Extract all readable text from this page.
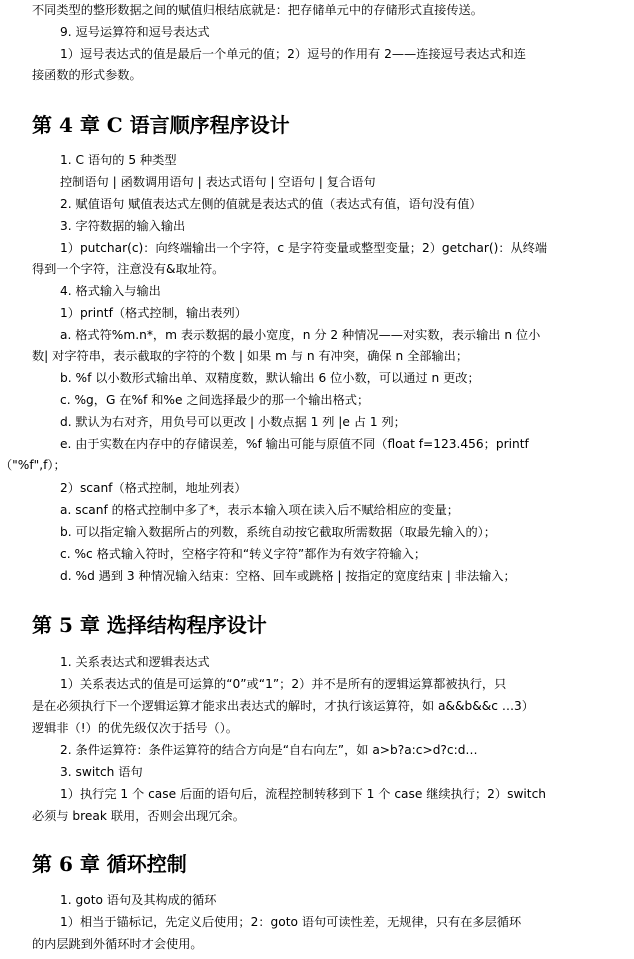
不同类型的整形数据之间的赋值归根结底就是：把存储单元中的存储形式直接传送。
9. 逗号运算符和逗号表达式
1）逗号表达式的值是最后一个单元的值；2）逗号的作用有 2——连接逗号表达式和连
接函数的形式参数。
第 4 章 C 语言顺序程序设计
1. C 语句的 5 种类型
控制语句 | 函数调用语句 | 表达式语句 | 空语句 | 复合语句
2. 赋值语句 赋值表达式左侧的值就是表达式的值（表达式有值，语句没有值）
3. 字符数据的输入输出
1）putchar(c)：向终端输出一个字符，c 是字符变量或整型变量；2）getchar()：从终端
得到一个字符，注意没有&取址符。
4. 格式输入与输出
1）printf（格式控制，输出表列）
a. 格式符%m.n*，m 表示数据的最小宽度，n 分 2 种情况——对实数，表示输出 n 位小
数| 对字符串，表示截取的字符的个数 | 如果 m 与 n 有冲突，确保 n 全部输出；
b. %f 以小数形式输出单、双精度数，默认输出 6 位小数，可以通过 n 更改；
c. %g，G 在%f 和%e 之间选择最少的那一个输出格式；
d. 默认为右对齐，用负号可以更改 | 小数点据 1 列 |e 占 1 列；
e. 由于实数在内存中的存储误差，%f 输出可能与原值不同（float f=123.456；printf
（"%f",f）；
2）scanf（格式控制，地址列表）
a. scanf 的格式控制中多了*，表示本输入项在读入后不赋给相应的变量；
b. 可以指定输入数据所占的列数，系统自动按它截取所需数据（取最先输入的）；
c. %c 格式输入符时，空格字符和“转义字符”都作为有效字符输入；
d. %d 遇到 3 种情况输入结束：空格、回车或跳格 | 按指定的宽度结束 | 非法输入；
第 5 章 选择结构程序设计
1. 关系表达式和逻辑表达式
1）关系表达式的值是可运算的“0”或“1”；2）并不是所有的逻辑运算都被执行，只
是在必须执行下一个逻辑运算才能求出表达式的解时，才执行该运算符，如 a&&b&&c …3）
逻辑非（!）的优先级仅次于括号（）。
2. 条件运算符：条件运算符的结合方向是“自右向左”，如 a>b?a:c>d?c:d…
3. switch 语句
1）执行完 1 个 case 后面的语句后，流程控制转移到下 1 个 case 继续执行；2）switch
必须与 break 联用，否则会出现冗余。
第 6 章 循环控制
1. goto 语句及其构成的循环
1）相当于锚标记，先定义后使用；2：goto 语句可读性差，无规律，只有在多层循环
的内层跳到外循环时才会使用。
